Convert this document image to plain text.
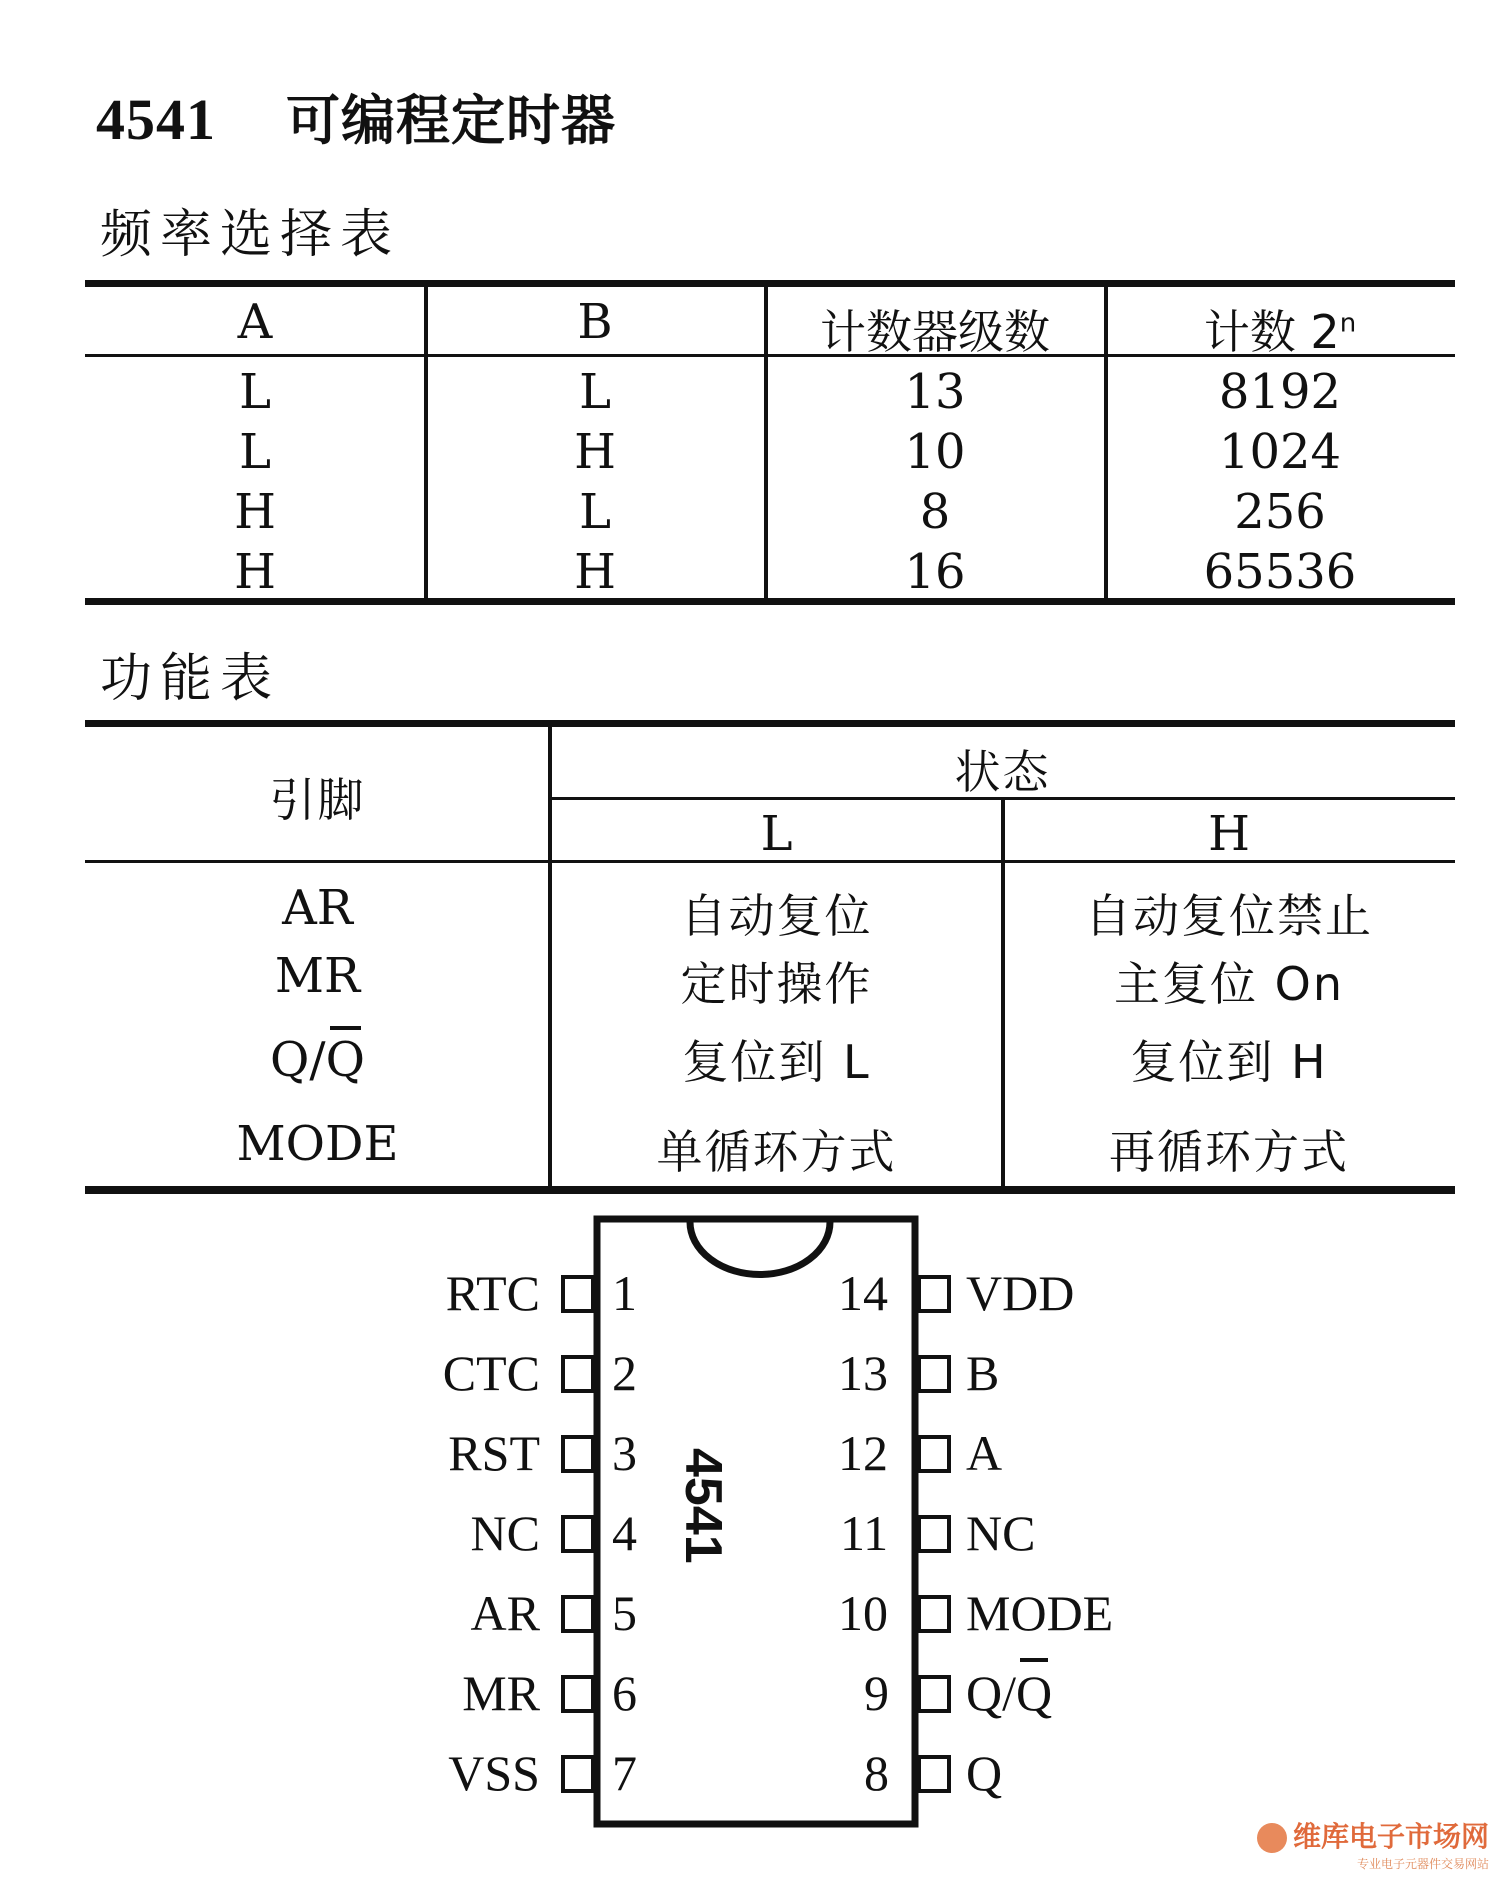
4541 可编程定时器
频率选择表
A	B	计数器级数	计数 2$^n$
L	L	13	8192
L	H	10	1024
H	L	8	256
H	H	16	65536
功能表
引脚
状态
L	H
AR	自动复位	自动复位禁止
MR	定时操作	主复位 On
Q/Q	复位到 L	复位到 H
MODE	单循环方式	再循环方式
4541
RTC
CTC
RST
NC
AR
MR
VSS
1
2
3
4
5
6
7
14
13
12
11
10
9
8
VDD
B
A
NC
MODE
Q/Q
Q
维库电子市场网
专业电子元器件交易网站
